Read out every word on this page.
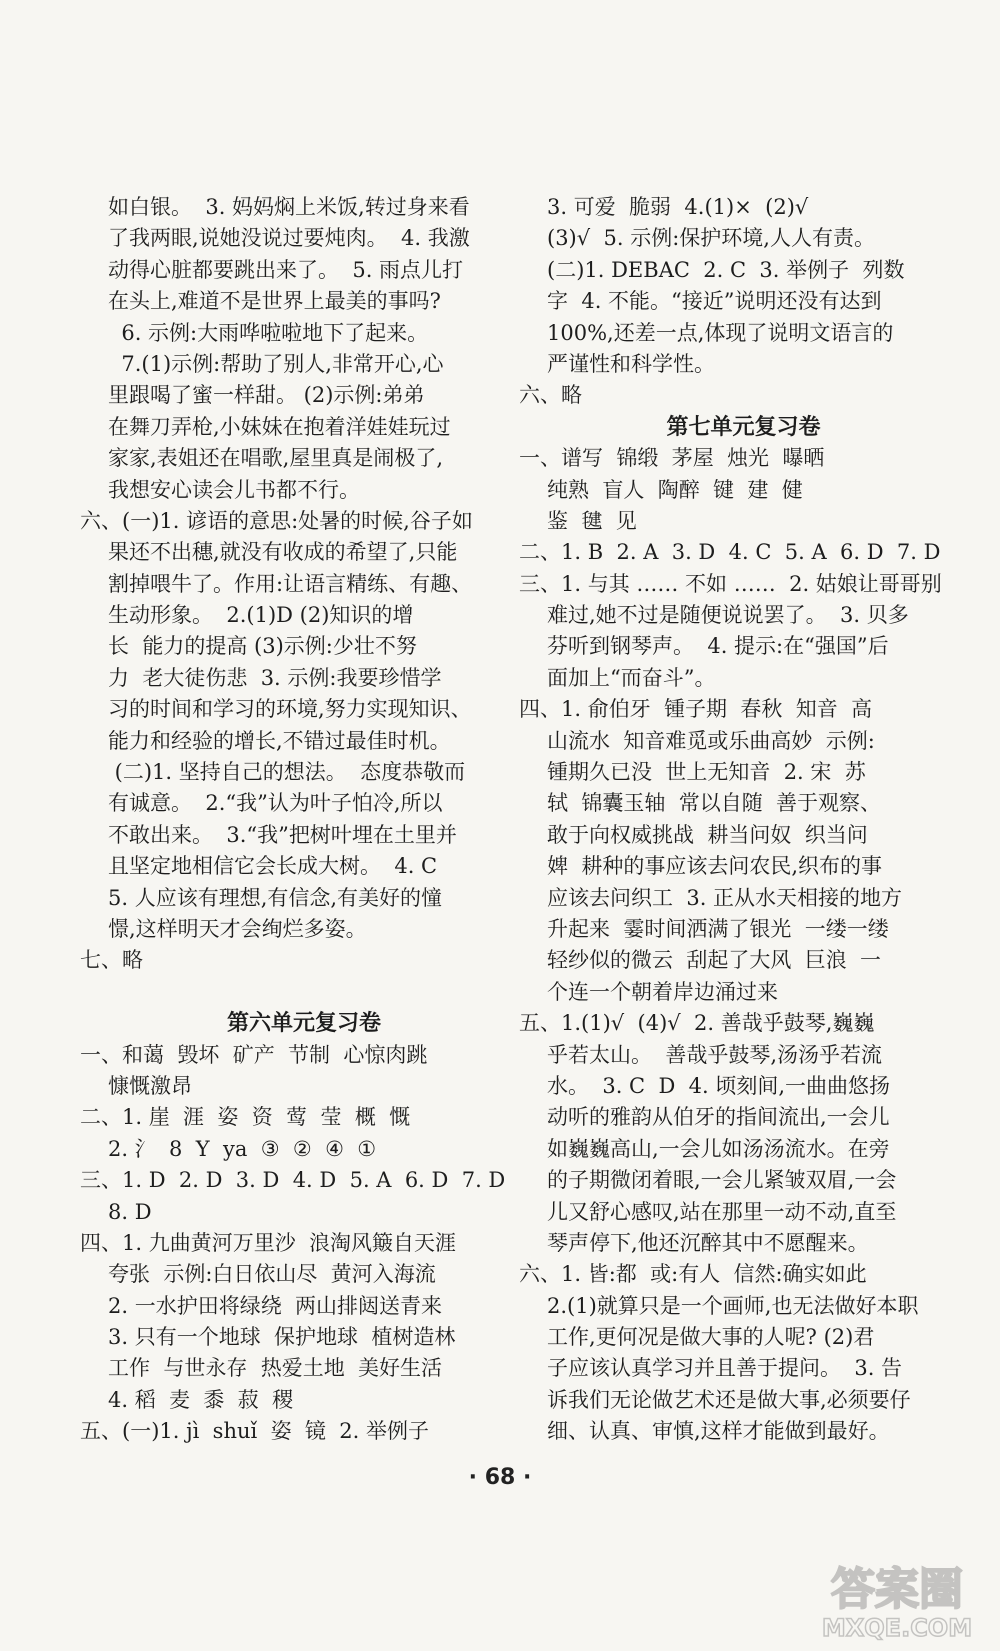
如白银。  3. 妈妈焖上米饭,转过身来看
了我两眼,说她没说过要炖肉。  4. 我激
动得心脏都要跳出来了。  5. 雨点儿打
在头上,难道不是世界上最美的事吗?
6. 示例:大雨哗啦啦地下了起来。
7.(1)示例:帮助了别人,非常开心,心
里跟喝了蜜一样甜。 (2)示例:弟弟
在舞刀弄枪,小妹妹在抱着洋娃娃玩过
家家,表姐还在唱歌,屋里真是闹极了,
我想安心读会儿书都不行。
六、(一)1. 谚语的意思:处暑的时候,谷子如
果还不出穗,就没有收成的希望了,只能
割掉喂牛了。作用:让语言精练、有趣、
生动形象。  2.(1)D (2)知识的增
长  能力的提高 (3)示例:少壮不努
力  老大徒伤悲  3. 示例:我要珍惜学
习的时间和学习的环境,努力实现知识、
能力和经验的增长,不错过最佳时机。
(二)1. 坚持自己的想法。  态度恭敬而
有诚意。  2.“我”认为叶子怕冷,所以
不敢出来。  3.“我”把树叶埋在土里并
且坚定地相信它会长成大树。  4. C
5. 人应该有理想,有信念,有美好的憧
憬,这样明天才会绚烂多姿。
七、略
第六单元复习卷
一、和蔼  毁坏  矿产  节制  心惊肉跳
慷慨激昂
二、1. 崖  涯  姿  资  莺  莹  概  慨
2. 氵  8  Y  ya  ③  ②  ④  ①
三、1. D  2. D  3. D  4. D  5. A  6. D  7. D
8. D
四、1. 九曲黄河万里沙  浪淘风簸自天涯
夸张  示例:白日依山尽  黄河入海流
2. 一水护田将绿绕  两山排闼送青来
3. 只有一个地球  保护地球  植树造林
工作  与世永存  热爱土地  美好生活
4. 稻  麦  黍  菽  稷
五、(一)1. jì  shuǐ  姿  镜  2. 举例子
3. 可爱  脆弱  4.(1)×  (2)√
(3)√  5. 示例:保护环境,人人有责。
(二)1. DEBAC  2. C  3. 举例子  列数
字  4. 不能。“接近”说明还没有达到
100%,还差一点,体现了说明文语言的
严谨性和科学性。
六、略
第七单元复习卷
一、谱写  锦缎  茅屋  烛光  曝晒
纯熟  盲人  陶醉  键  建  健
鉴  毽  见
二、1. B  2. A  3. D  4. C  5. A  6. D  7. D
三、1. 与其 …… 不如 ……  2. 姑娘让哥哥别
难过,她不过是随便说说罢了。  3. 贝多
芬听到钢琴声。  4. 提示:在“强国”后
面加上“而奋斗”。
四、1. 俞伯牙  锺子期  春秋  知音  高
山流水  知音难觅或乐曲高妙  示例:
锺期久已没  世上无知音  2. 宋  苏
轼  锦囊玉轴  常以自随  善于观察、
敢于向权威挑战  耕当问奴  织当问
婢  耕种的事应该去问农民,织布的事
应该去问织工  3. 正从水天相接的地方
升起来  霎时间洒满了银光  一缕一缕
轻纱似的微云  刮起了大风  巨浪  一
个连一个朝着岸边涌过来
五、1.(1)√  (4)√  2. 善哉乎鼓琴,巍巍
乎若太山。  善哉乎鼓琴,汤汤乎若流
水。  3. C  D  4. 顷刻间,一曲曲悠扬
动听的雅韵从伯牙的指间流出,一会儿
如巍巍高山,一会儿如汤汤流水。在旁
的子期微闭着眼,一会儿紧皱双眉,一会
儿又舒心感叹,站在那里一动不动,直至
琴声停下,他还沉醉其中不愿醒来。
六、1. 皆:都  或:有人  信然:确实如此
2.(1)就算只是一个画师,也无法做好本职
工作,更何况是做大事的人呢? (2)君
子应该认真学习并且善于提问。  3. 告
诉我们无论做艺术还是做大事,必须要仔
细、认真、审慎,这样才能做到最好。
· 68 ·
答案圈
MXQE.COM
